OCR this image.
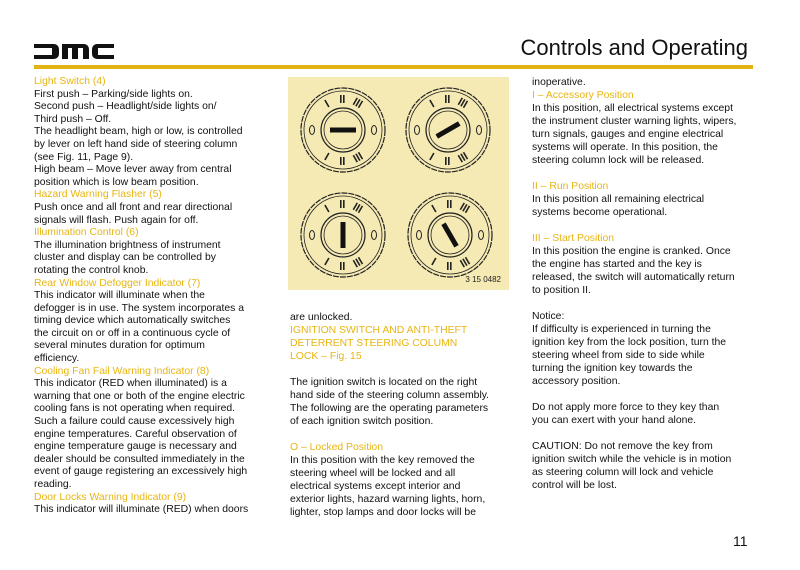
Controls and Operating
Light Switch (4)
First push – Parking/side lights on.
Second push – Headlight/side lights on/
Third push – Off.
The headlight beam, high or low, is controlled
by lever on left hand side of steering column
(see Fig. 11, Page 9).
High beam – Move lever away from central
position which is low beam position.
Hazard Warning Flasher (5)
Push once and all front and rear directional
signals will flash. Push again for off.
Illumination Control (6)
The illumination brightness of instrument
cluster and display can be controlled by
rotating the control knob.
Rear Window Defogger Indicator (7)
This indicator will illuminate when the
defogger is in use. The system incorporates a
timing device which automatically switches
the circuit on or off in a continuous cycle of
several minutes duration for optimum
efficiency.
Cooling Fan Fail Warning Indicator (8)
This indicator (RED when illuminated) is a
warning that one or both of the engine electric
cooling fans is not operating when required.
Such a failure could cause excessively high
engine temperatures. Careful observation of
engine temperature gauge is necessary and
dealer should be consulted immediately in the
event of gauge registering an excessively high
reading.
Door Locks Warning Indicator (9)
This indicator will illuminate (RED) when doors
3 15 0482
are unlocked.
IGNITION SWITCH AND ANTI-THEFT
DETERRENT STEERING COLUMN
LOCK – Fig. 15
The ignition switch is located on the right
hand side of the steering column assembly.
The following are the operating parameters
of each ignition switch position.
O – Locked Position
In this position with the key removed the
steering wheel will be locked and all
electrical systems except interior and
exterior lights, hazard warning lights, horn,
lighter, stop lamps and door locks will be
inoperative.
I – Accessory Position
In this position, all electrical systems except
the instrument cluster warning lights, wipers,
turn signals, gauges and engine electrical
systems will operate. In this position, the
steering column lock will be released.
II – Run Position
In this position all remaining electrical
systems become operational.
III – Start Position
In this position the engine is cranked. Once
the engine has started and the key is
released, the switch will automatically return
to position II.
Notice:
If difficulty is experienced in turning the
ignition key from the lock position, turn the
steering wheel from side to side while
turning the ignition key towards the
accessory position.
Do not apply more force to they key than
you can exert with your hand alone.
CAUTION: Do not remove the key from
ignition switch while the vehicle is in motion
as steering column will lock and vehicle
control will be lost.
11
